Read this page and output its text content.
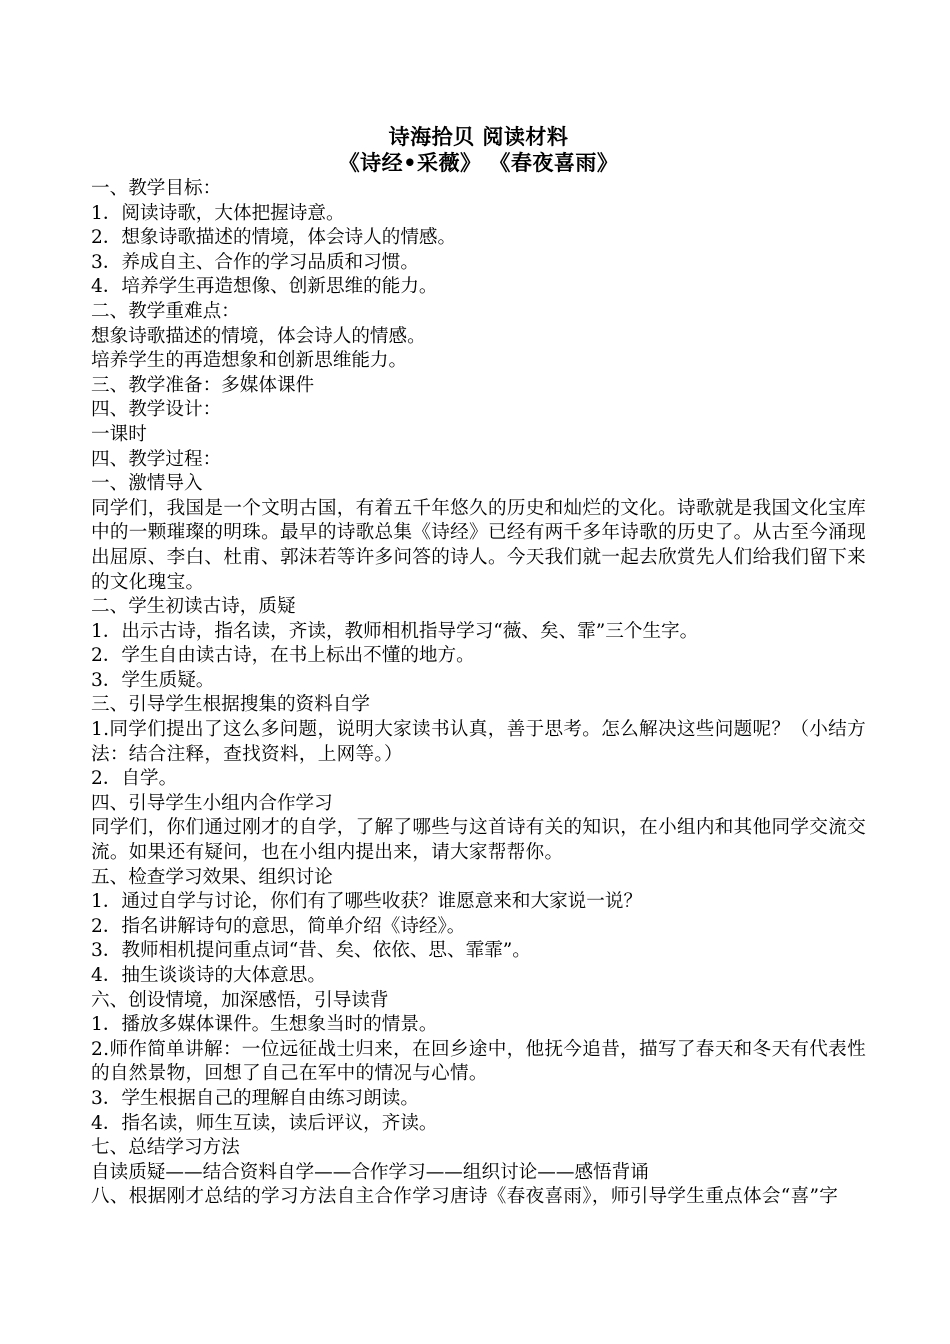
诗海拾贝 阅读材料
《诗经•采薇》 《春夜喜雨》
一、教学目标：
1．阅读诗歌，大体把握诗意。
2．想象诗歌描述的情境，体会诗人的情感。
3．养成自主、合作的学习品质和习惯。
4．培养学生再造想像、创新思维的能力。
二、教学重难点：
想象诗歌描述的情境，体会诗人的情感。
培养学生的再造想象和创新思维能力。
三、教学准备：多媒体课件
四、教学设计：
一课时
四、教学过程：
一、激情导入
同学们，我国是一个文明古国，有着五千年悠久的历史和灿烂的文化。诗歌就是我国文化宝库中的一颗璀璨的明珠。最早的诗歌总集《诗经》已经有两千多年诗歌的历史了。从古至今涌现出屈原、李白、杜甫、郭沫若等许多问答的诗人。今天我们就一起去欣赏先人们给我们留下来的文化瑰宝。
二、学生初读古诗，质疑
1．出示古诗，指名读，齐读，教师相机指导学习“薇、矣、霏”三个生字。
2．学生自由读古诗，在书上标出不懂的地方。
3．学生质疑。
三、引导学生根据搜集的资料自学
1.同学们提出了这么多问题，说明大家读书认真，善于思考。怎么解决这些问题呢？（小结方法：结合注释，查找资料，上网等。）
2．自学。
四、引导学生小组内合作学习
同学们，你们通过刚才的自学，了解了哪些与这首诗有关的知识，在小组内和其他同学交流交流。如果还有疑问，也在小组内提出来，请大家帮帮你。
五、检查学习效果、组织讨论
1．通过自学与讨论，你们有了哪些收获？谁愿意来和大家说一说？
2．指名讲解诗句的意思，简单介绍《诗经》。
3．教师相机提问重点词“昔、矣、依依、思、霏霏”。
4．抽生谈谈诗的大体意思。
六、创设情境，加深感悟，引导读背
1．播放多媒体课件。生想象当时的情景。
2.师作简单讲解：一位远征战士归来，在回乡途中，他抚今追昔，描写了春天和冬天有代表性的自然景物，回想了自己在军中的情况与心情。
3．学生根据自己的理解自由练习朗读。
4．指名读，师生互读，读后评议，齐读。
七、总结学习方法
自读质疑——结合资料自学——合作学习——组织讨论——感悟背诵
八、根据刚才总结的学习方法自主合作学习唐诗《春夜喜雨》，师引导学生重点体会“喜”字
